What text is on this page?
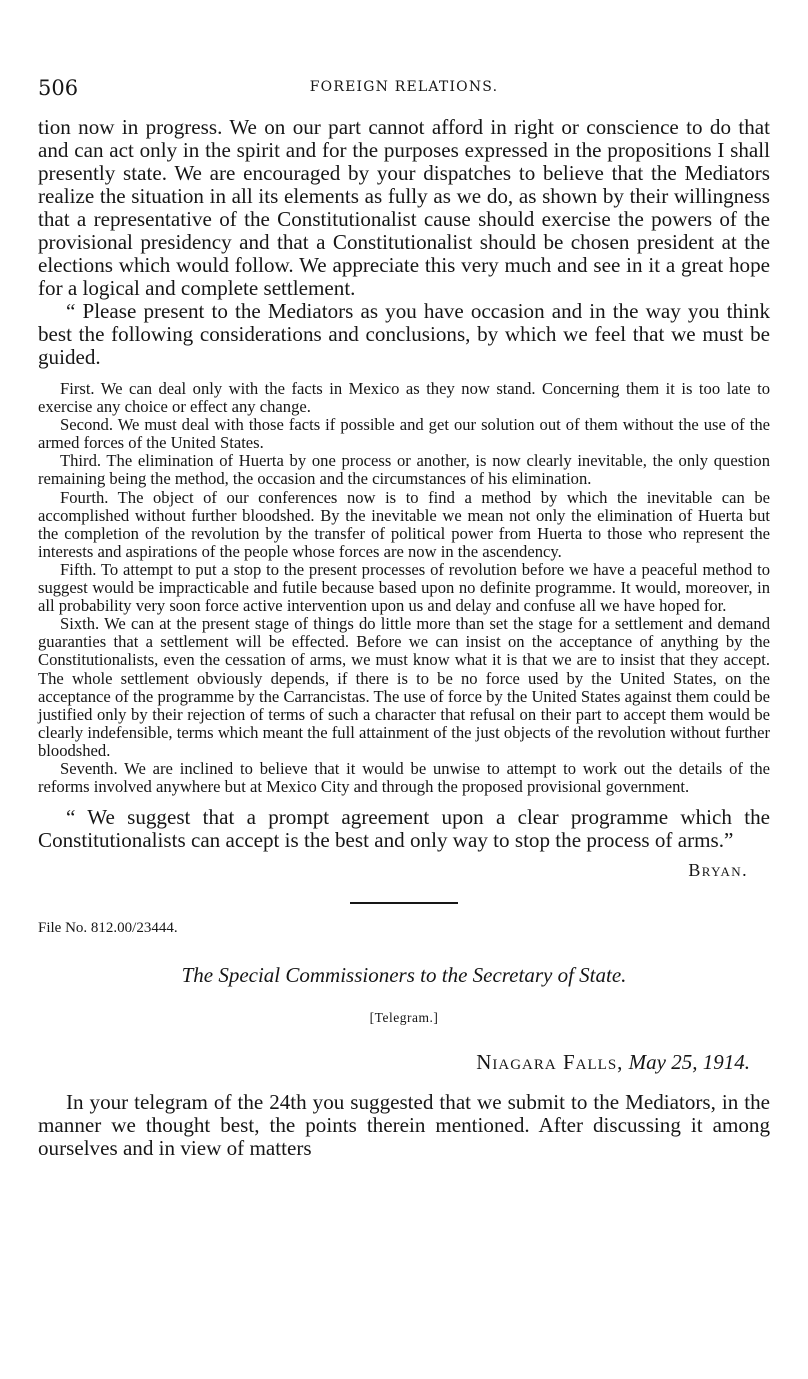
506	FOREIGN RELATIONS.

tion now in progress. We on our part cannot afford in right or conscience to do that and can act only in the spirit and for the purposes expressed in the propositions I shall presently state. We are encouraged by your dispatches to believe that the Mediators realize the situation in all its elements as fully as we do, as shown by their willingness that a representative of the Constitutionalist cause should exercise the powers of the provisional presidency and that a Constitutionalist should be chosen president at the elections which would follow. We appreciate this very much and see in it a great hope for a logical and complete settlement.

“ Please present to the Mediators as you have occasion and in the way you think best the following considerations and conclusions, by which we feel that we must be guided.

First. We can deal only with the facts in Mexico as they now stand. Concerning them it is too late to exercise any choice or effect any change.

Second. We must deal with those facts if possible and get our solution out of them without the use of the armed forces of the United States.

Third. The elimination of Huerta by one process or another, is now clearly inevitable, the only question remaining being the method, the occasion and the circumstances of his elimination.

Fourth. The object of our conferences now is to find a method by which the inevitable can be accomplished without further bloodshed. By the inevitable we mean not only the elimination of Huerta but the completion of the revolution by the transfer of political power from Huerta to those who represent the interests and aspirations of the people whose forces are now in the ascendency.

Fifth. To attempt to put a stop to the present processes of revolution before we have a peaceful method to suggest would be impracticable and futile because based upon no definite programme. It would, moreover, in all probability very soon force active intervention upon us and delay and confuse all we have hoped for.

Sixth. We can at the present stage of things do little more than set the stage for a settlement and demand guaranties that a settlement will be effected. Before we can insist on the acceptance of anything by the Constitutionalists, even the cessation of arms, we must know what it is that we are to insist that they accept. The whole settlement obviously depends, if there is to be no force used by the United States, on the acceptance of the programme by the Carrancistas. The use of force by the United States against them could be justified only by their rejection of terms of such a character that refusal on their part to accept them would be clearly indefensible, terms which meant the full attainment of the just objects of the revolution without further bloodshed.

Seventh. We are inclined to believe that it would be unwise to attempt to work out the details of the reforms involved anywhere but at Mexico City and through the proposed provisional government.

“ We suggest that a prompt agreement upon a clear programme which the Constitutionalists can accept is the best and only way to stop the process of arms.”

Bryan.

File No. 812.00/23444.

The Special Commissioners to the Secretary of State.

[Telegram.]

Niagara Falls, May 25, 1914.

In your telegram of the 24th you suggested that we submit to the Mediators, in the manner we thought best, the points therein mentioned. After discussing it among ourselves and in view of matters
